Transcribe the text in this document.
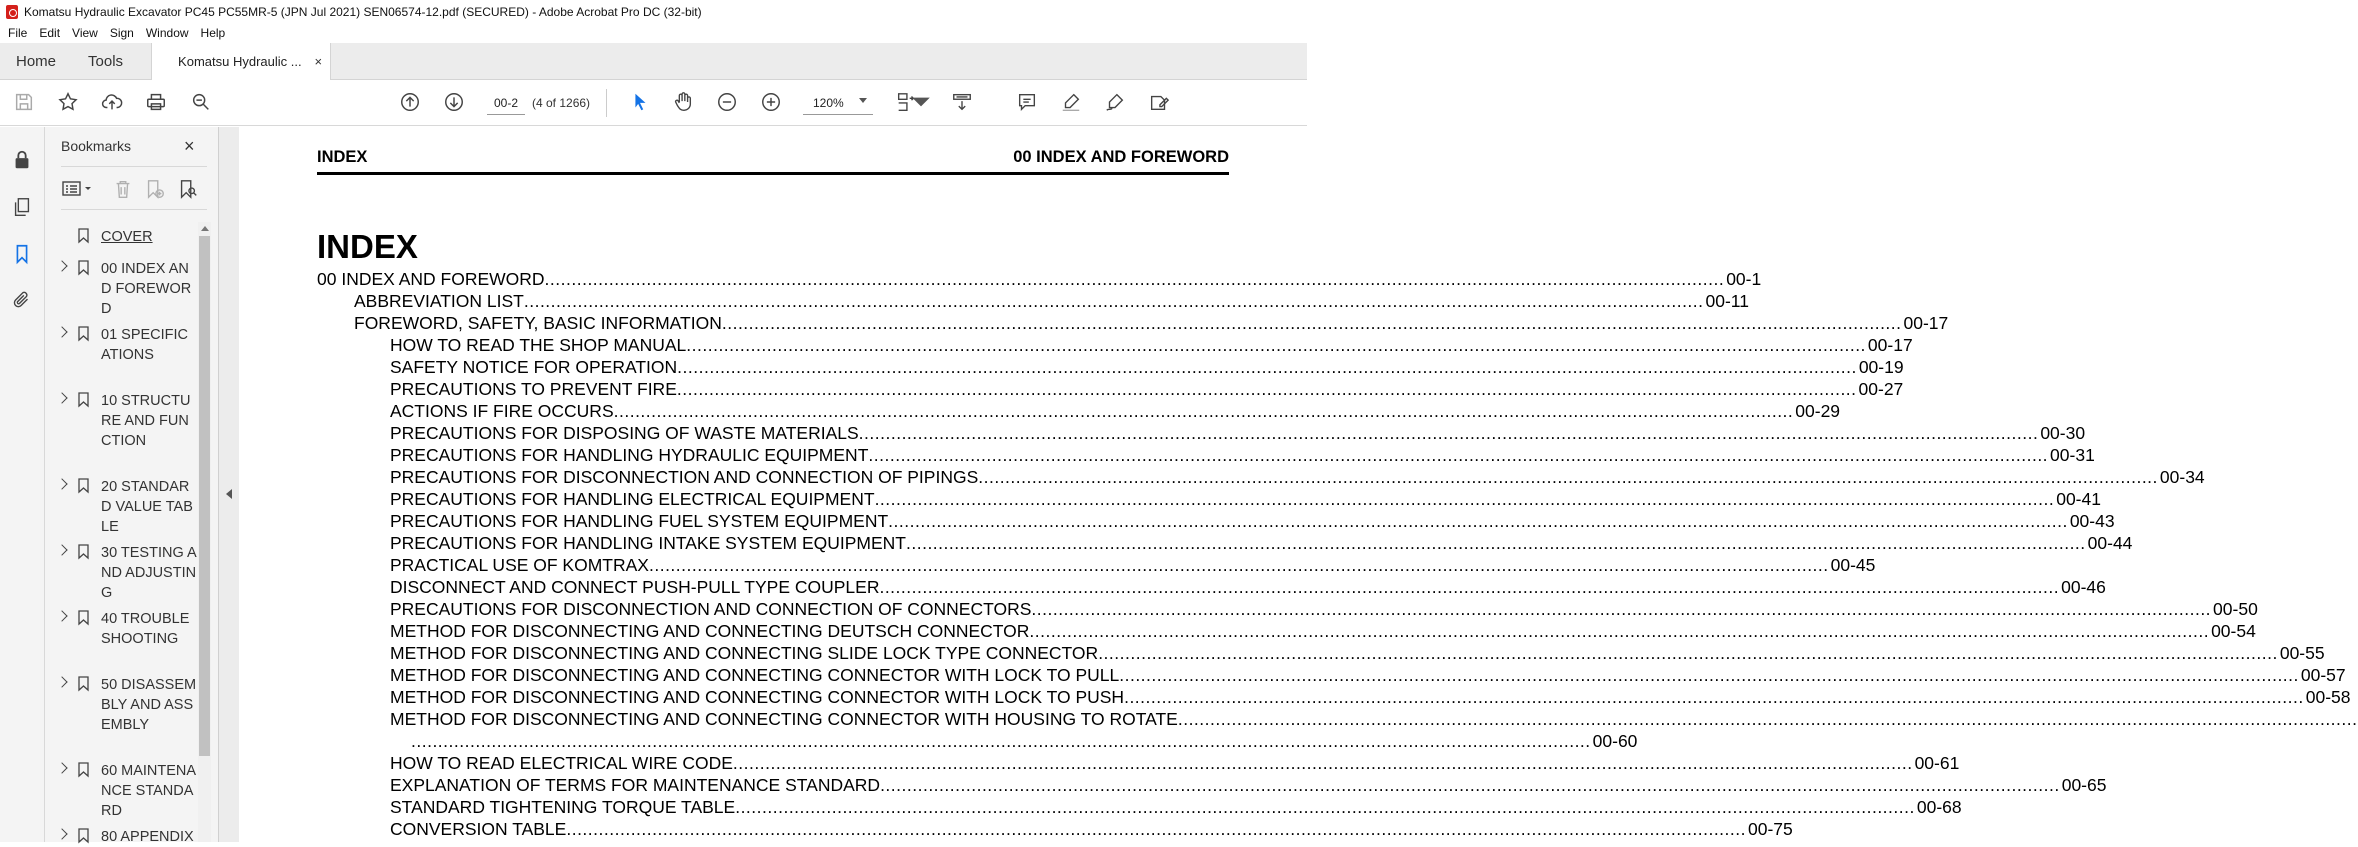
Komatsu Hydraulic Excavator PC45 PC55MR-5 (JPN Jul 2021) SEN06574-12.pdf (SECURED) - Adobe Acrobat Pro DC (32-bit)
File	Edit	View	Sign	Window	Help
Home	Tools	Komatsu Hydraulic ... ×
00-2	(4 of 1266)	120%
Bookmarks	×
COVER
00 INDEX AND FOREWORD
01 SPECIFICATIONS
10 STRUCTURE AND FUNCTION
20 STANDARD VALUE TABLE
30 TESTING AND ADJUSTING
40 TROUBLESHOOTING
50 DISASSEMBLY AND ASSEMBLY
60 MAINTENANCE STANDARD
80 APPENDIX
INDEX	00 INDEX AND FOREWORD
INDEX
00 INDEX AND FOREWORD ............................................................................................................................................................................................................................ 00-1
ABBREVIATION LIST ............................................................................................................................................................................................................................ 00-11
FOREWORD, SAFETY, BASIC INFORMATION ............................................................................................................................................................................................................................ 00-17
HOW TO READ THE SHOP MANUAL ............................................................................................................................................................................................................................ 00-17
SAFETY NOTICE FOR OPERATION ............................................................................................................................................................................................................................ 00-19
PRECAUTIONS TO PREVENT FIRE ............................................................................................................................................................................................................................ 00-27
ACTIONS IF FIRE OCCURS ............................................................................................................................................................................................................................ 00-29
PRECAUTIONS FOR DISPOSING OF WASTE MATERIALS ............................................................................................................................................................................................................................ 00-30
PRECAUTIONS FOR HANDLING HYDRAULIC EQUIPMENT ............................................................................................................................................................................................................................ 00-31
PRECAUTIONS FOR DISCONNECTION AND CONNECTION OF PIPINGS ............................................................................................................................................................................................................................ 00-34
PRECAUTIONS FOR HANDLING ELECTRICAL EQUIPMENT ............................................................................................................................................................................................................................ 00-41
PRECAUTIONS FOR HANDLING FUEL SYSTEM EQUIPMENT ............................................................................................................................................................................................................................ 00-43
PRECAUTIONS FOR HANDLING INTAKE SYSTEM EQUIPMENT ............................................................................................................................................................................................................................ 00-44
PRACTICAL USE OF KOMTRAX ............................................................................................................................................................................................................................ 00-45
DISCONNECT AND CONNECT PUSH-PULL TYPE COUPLER ............................................................................................................................................................................................................................ 00-46
PRECAUTIONS FOR DISCONNECTION AND CONNECTION OF CONNECTORS ............................................................................................................................................................................................................................ 00-50
METHOD FOR DISCONNECTING AND CONNECTING DEUTSCH CONNECTOR ............................................................................................................................................................................................................................ 00-54
METHOD FOR DISCONNECTING AND CONNECTING SLIDE LOCK TYPE CONNECTOR ............................................................................................................................................................................................................................ 00-55
METHOD FOR DISCONNECTING AND CONNECTING CONNECTOR WITH LOCK TO PULL ............................................................................................................................................................................................................................ 00-57
METHOD FOR DISCONNECTING AND CONNECTING CONNECTOR WITH LOCK TO PUSH ............................................................................................................................................................................................................................ 00-58
METHOD FOR DISCONNECTING AND CONNECTING CONNECTOR WITH HOUSING TO ROTATE ............................................................................................................................................................................................................................
............................................................................................................................................................................................................................ 00-60
HOW TO READ ELECTRICAL WIRE CODE ............................................................................................................................................................................................................................ 00-61
EXPLANATION OF TERMS FOR MAINTENANCE STANDARD ............................................................................................................................................................................................................................ 00-65
STANDARD TIGHTENING TORQUE TABLE ............................................................................................................................................................................................................................ 00-68
CONVERSION TABLE ............................................................................................................................................................................................................................ 00-75
